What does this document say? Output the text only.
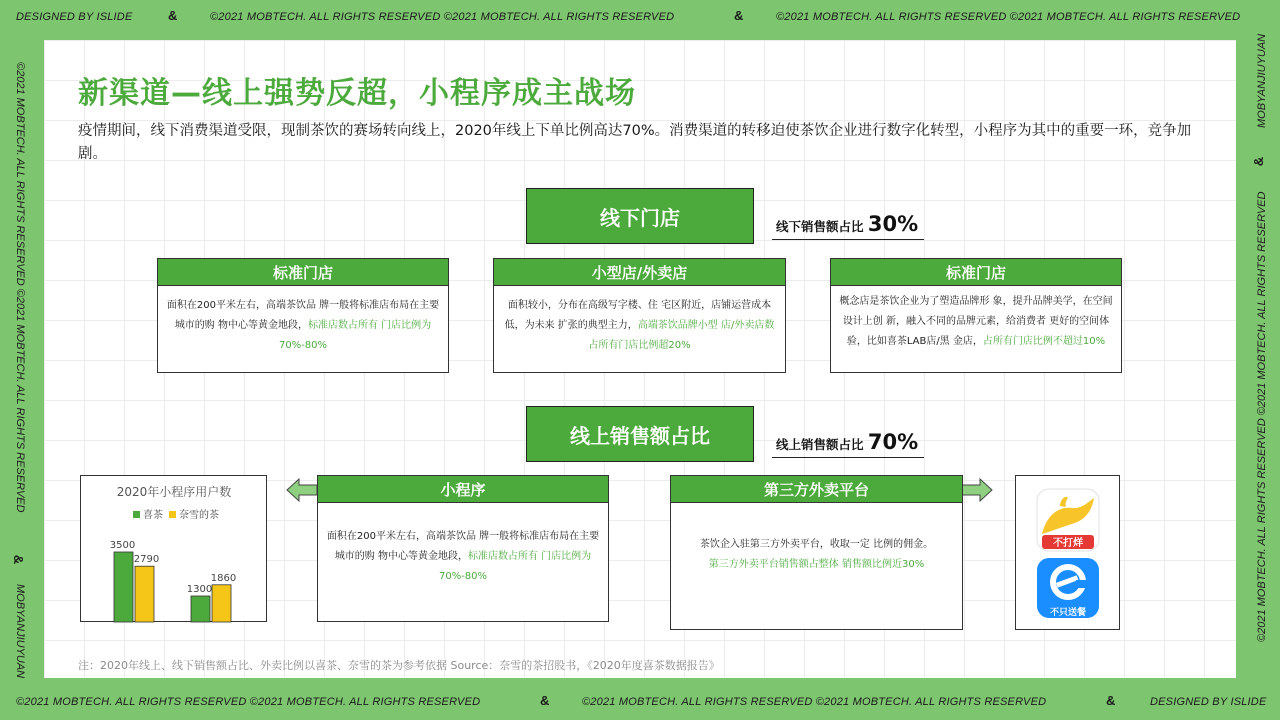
DESIGNED BY ISLIDE	&	©2021 MOBTECH. ALL RIGHTS RESERVED ©2021 MOBTECH. ALL RIGHTS RESERVED	&	©2021 MOBTECH. ALL RIGHTS RESERVED ©2021 MOBTECH. ALL RIGHTS RESERVED
©2021 MOBTECH. ALL RIGHTS RESERVED ©2021 MOBTECH. ALL RIGHTS RESERVED	&	©2021 MOBTECH. ALL RIGHTS RESERVED ©2021 MOBTECH. ALL RIGHTS RESERVED	&	DESIGNED BY ISLIDE
©2021 MOBTECH. ALL RIGHTS RESERVED ©2021 MOBTECH. ALL RIGHTS RESERVED
&
MOBYANJIUYUAN
MOBYANJIUYUAN
&
©2021 MOBTECH. ALL RIGHTS RESERVED ©2021 MOBTECH. ALL RIGHTS RESERVED
新渠道—线上强势反超，小程序成主战场
疫情期间，线下消费渠道受限，现制茶饮的赛场转向线上，2020年线上下单比例高达70%。消费渠道的转移迫使茶饮企业进行数字化转型，小程序为其中的重要一环，竞争加剧。
线下门店	线下销售额占比 30%
标准门店
面积在200平米左右，高端茶饮品 牌一般将标准店布局在主要城市的购 物中心等黄金地段，标准店数占所有 门店比例为70%-80%
小型店/外卖店
面积较小，分布在高级写字楼、住 宅区附近，店铺运营成本低，为未来 扩张的典型主力，高端茶饮品牌小型 店/外卖店数占所有门店比例超20%
标准门店
概念店是茶饮企业为了塑造品牌形 象，提升品牌美学，在空间设计上创 新，融入不同的品牌元素，给消费者 更好的空间体验，比如喜茶LAB店/黑 金店，占所有门店比例不超过10%
线上销售额占比	线上销售额占比 70%
2020年小程序用户数
喜茶 奈雪的茶
3500
1300
2790
1860
小程序
面积在200平米左右，高端茶饮品 牌一般将标准店布局在主要城市的购 物中心等黄金地段，标准店数占所有 门店比例为70%-80%
第三方外卖平台
茶饮企入驻第三方外卖平台，收取一定 比例的佣金。
第三方外卖平台销售额占整体 销售额比例近30%
不打烊
不只送餐
注：2020年线上、线下销售额占比、外卖比例以喜茶、奈雪的茶为参考依据 Source：奈雪的茶招股书，《2020年度喜茶数据报告》
